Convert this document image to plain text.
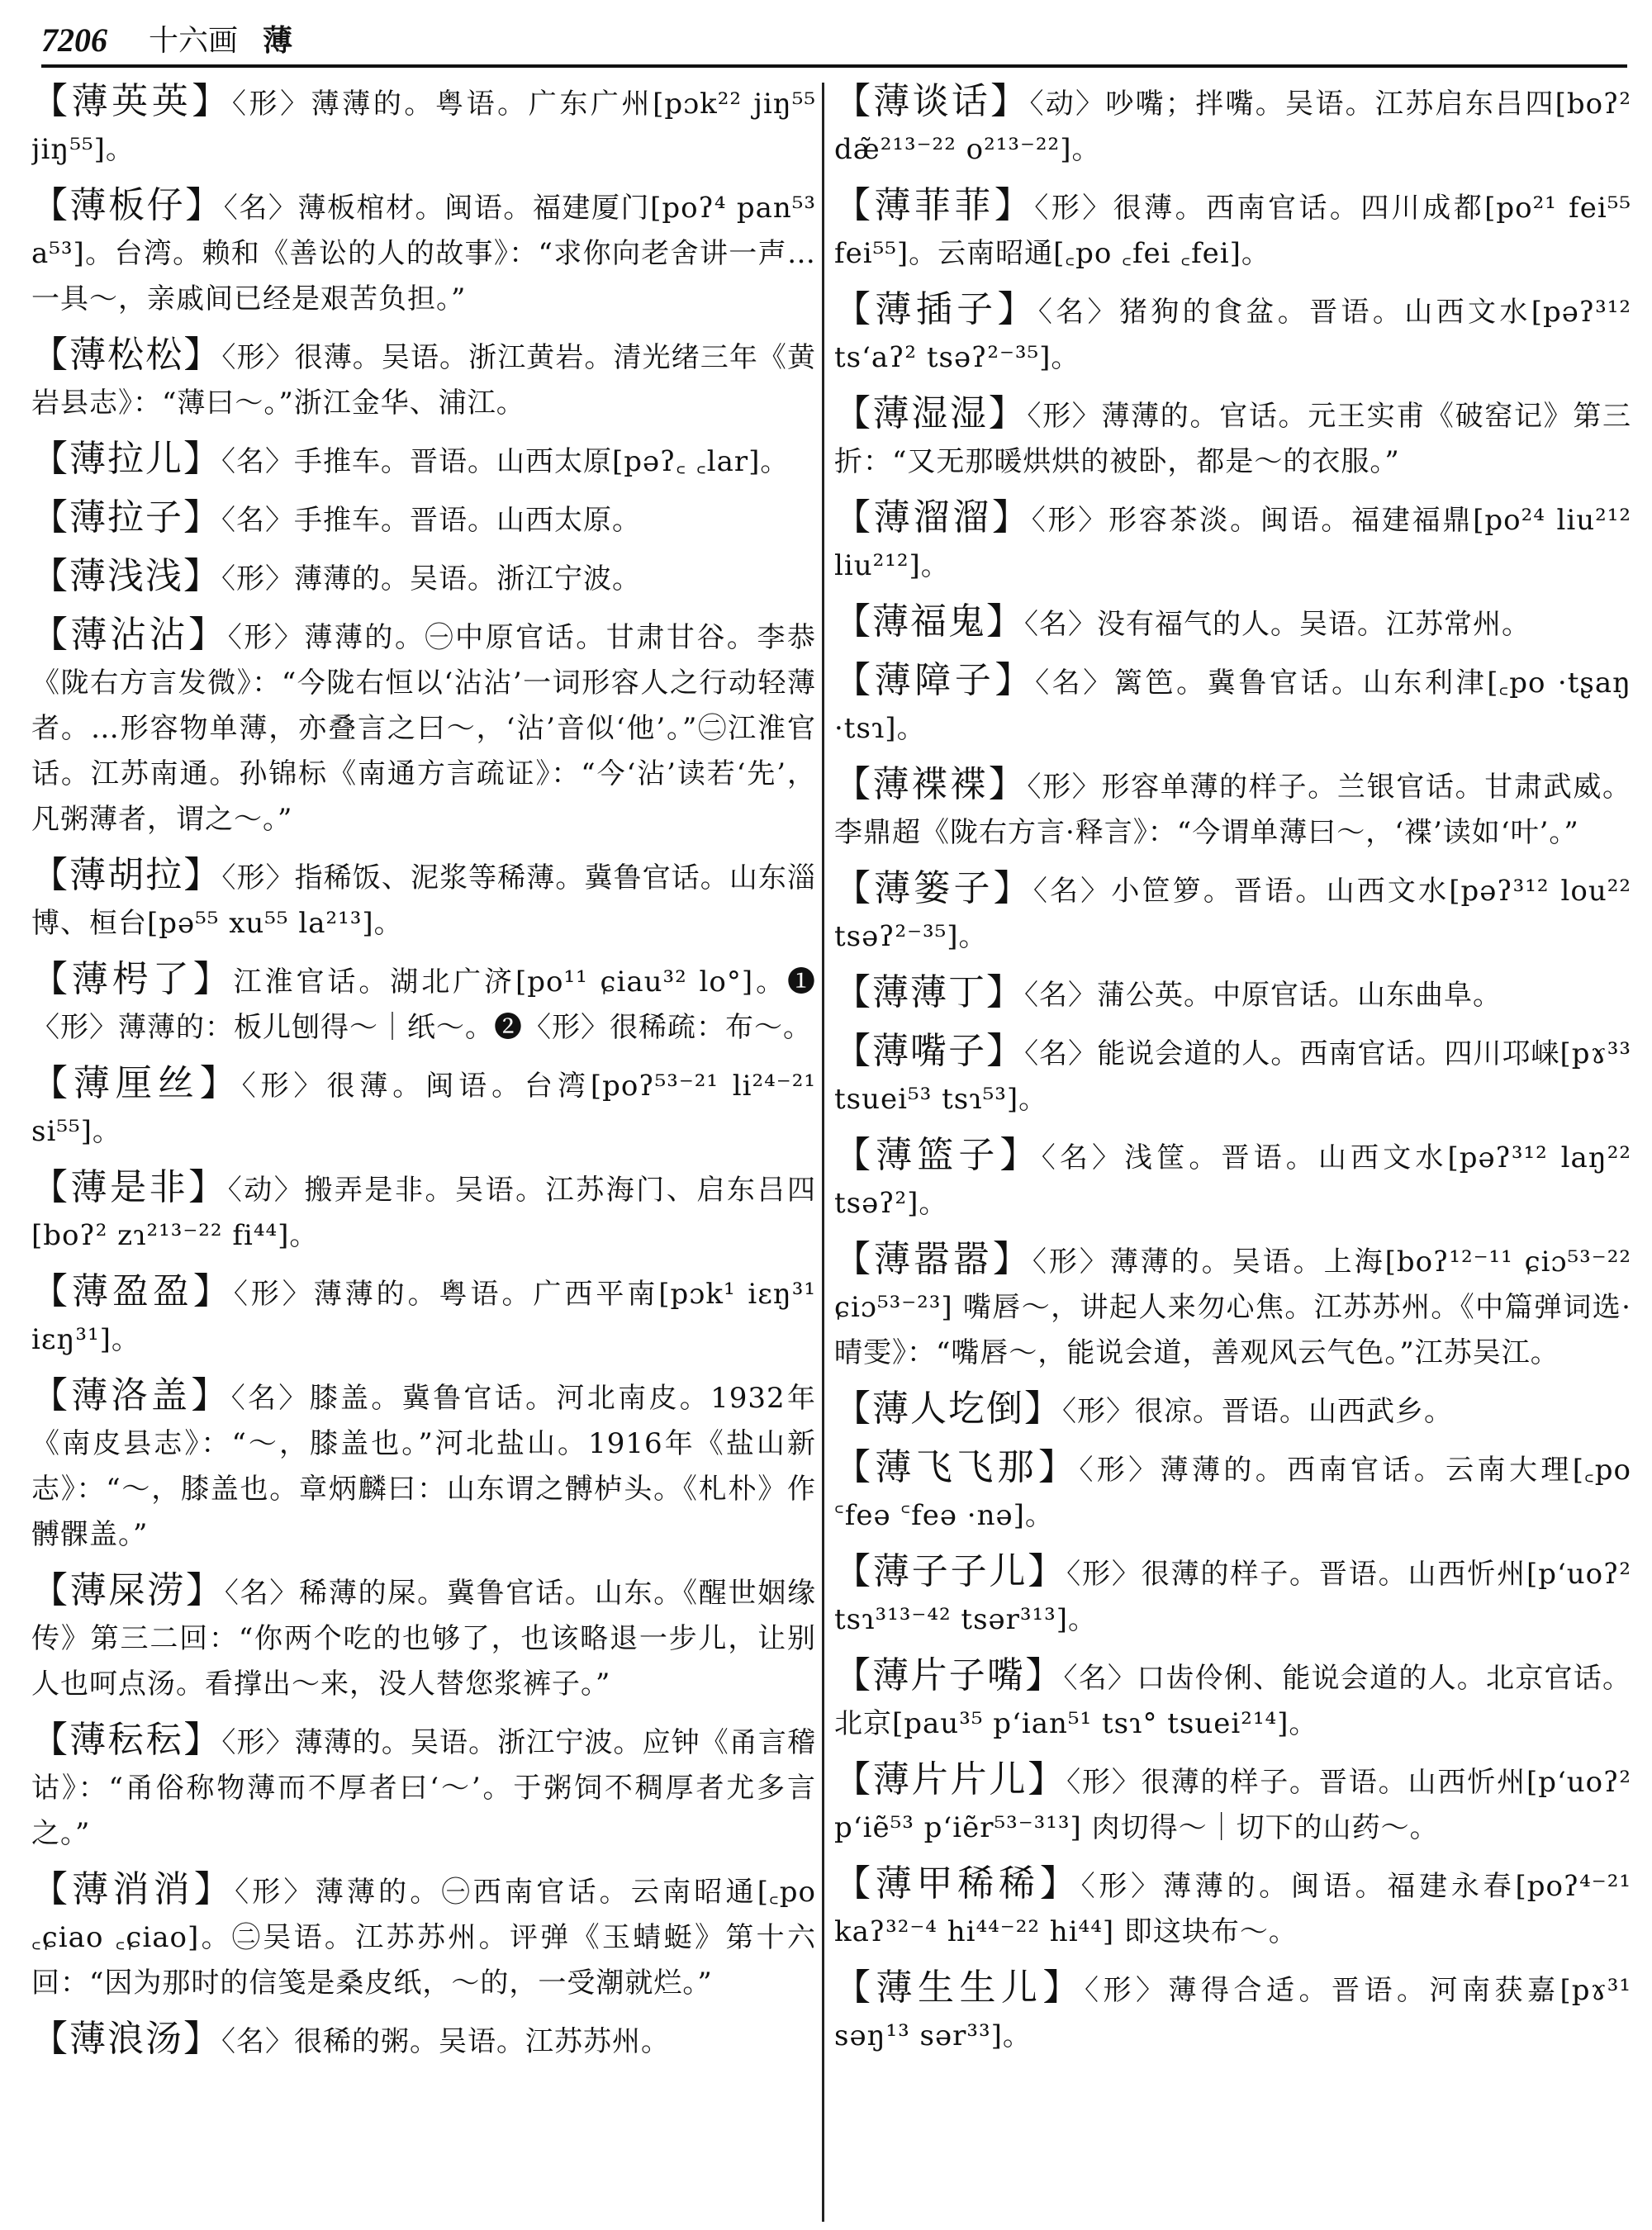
7206 十六画 薄
【薄英英】〈形〉薄薄的。粤语。广东广州[pɔk²² jiŋ⁵⁵ jiŋ⁵⁵]。
【薄板仔】〈名〉薄板棺材。闽语。福建厦门[poʔ⁴ pan⁵³ a⁵³]。台湾。赖和《善讼的人的故事》：“求你向老舍讲一声…一具～，亲戚间已经是艰苦负担。”
【薄松松】〈形〉很薄。吴语。浙江黄岩。清光绪三年《黄岩县志》：“薄曰～。”浙江金华、浦江。
【薄拉儿】〈名〉手推车。晋语。山西太原[pəʔ꜀ ꜀lar]。
【薄拉子】〈名〉手推车。晋语。山西太原。
【薄浅浅】〈形〉薄薄的。吴语。浙江宁波。
【薄沾沾】〈形〉薄薄的。㊀中原官话。甘肃甘谷。李恭《陇右方言发微》：“今陇右恒以‘沾沾’一词形容人之行动轻薄者。…形容物单薄，亦叠言之曰～，‘沾’音似‘他’。”㊁江淮官话。江苏南通。孙锦标《南通方言疏证》：“今‘沾’读若‘先’，凡粥薄者，谓之～。”
【薄胡拉】〈形〉指稀饭、泥浆等稀薄。冀鲁官话。山东淄博、桓台[pə⁵⁵ xu⁵⁵ la²¹³]。
【薄枵了】江淮官话。湖北广济[po¹¹ ɕiau³² lo°]。❶〈形〉薄薄的：板儿刨得～｜纸～。❷〈形〉很稀疏：布～。
【薄厘丝】〈形〉很薄。闽语。台湾[poʔ⁵³⁻²¹ li²⁴⁻²¹ si⁵⁵]。
【薄是非】〈动〉搬弄是非。吴语。江苏海门、启东吕四[boʔ² zɿ²¹³⁻²² fi⁴⁴]。
【薄盈盈】〈形〉薄薄的。粤语。广西平南[pɔk¹ iɛŋ³¹ iɛŋ³¹]。
【薄洛盖】〈名〉膝盖。冀鲁官话。河北南皮。1932年《南皮县志》：“～，膝盖也。”河北盐山。1916年《盐山新志》：“～，膝盖也。章炳麟曰：山东谓之髆栌头。《札朴》作髆髁盖。”
【薄屎涝】〈名〉稀薄的屎。冀鲁官话。山东。《醒世姻缘传》第三二回：“你两个吃的也够了，也该略退一步儿，让别人也呵点汤。看撑出～来，没人替您浆裤子。”
【薄秐秐】〈形〉薄薄的。吴语。浙江宁波。应钟《甬言稽诂》：“甬俗称物薄而不厚者曰‘～’。于粥饲不稠厚者尤多言之。”
【薄消消】〈形〉薄薄的。㊀西南官话。云南昭通[꜀po ꜀ɕiao ꜀ɕiao]。㊁吴语。江苏苏州。评弹《玉蜻蜓》第十六回：“因为那时的信笺是桑皮纸，～的，一受潮就烂。”
【薄浪汤】〈名〉很稀的粥。吴语。江苏苏州。
【薄谈话】〈动〉吵嘴；拌嘴。吴语。江苏启东吕四[boʔ² dæ̃²¹³⁻²² o²¹³⁻²²]。
【薄菲菲】〈形〉很薄。西南官话。四川成都[po²¹ fei⁵⁵ fei⁵⁵]。云南昭通[꜀po ꜀fei ꜀fei]。
【薄插子】〈名〉猪狗的食盆。晋语。山西文水[pəʔ³¹² tsʻaʔ² tsəʔ²⁻³⁵]。
【薄湿湿】〈形〉薄薄的。官话。元王实甫《破窑记》第三折：“又无那暖烘烘的被卧，都是～的衣服。”
【薄溜溜】〈形〉形容茶淡。闽语。福建福鼎[po²⁴ liu²¹² liu²¹²]。
【薄福鬼】〈名〉没有福气的人。吴语。江苏常州。
【薄障子】〈名〉篱笆。冀鲁官话。山东利津[꜀po ·tʂaŋ ·tsɿ]。
【薄褋褋】〈形〉形容单薄的样子。兰银官话。甘肃武威。李鼎超《陇右方言·释言》：“今谓单薄曰～，‘褋’读如‘叶’。”
【薄篓子】〈名〉小笸箩。晋语。山西文水[pəʔ³¹² lou²² tsəʔ²⁻³⁵]。
【薄薄丁】〈名〉蒲公英。中原官话。山东曲阜。
【薄嘴子】〈名〉能说会道的人。西南官话。四川邛崃[pɤ³³ tsuei⁵³ tsɿ⁵³]。
【薄篮子】〈名〉浅筐。晋语。山西文水[pəʔ³¹² laŋ²² tsəʔ²]。
【薄嚣嚣】〈形〉薄薄的。吴语。上海[boʔ¹²⁻¹¹ ɕiɔ⁵³⁻²² ɕiɔ⁵³⁻²³] 嘴唇～，讲起人来勿心焦。江苏苏州。《中篇弹词选·晴雯》：“嘴唇～，能说会道，善观风云气色。”江苏吴江。
【薄人圪倒】〈形〉很凉。晋语。山西武乡。
【薄飞飞那】〈形〉薄薄的。西南官话。云南大理[꜀po ꜂feə ꜂feə ·nə]。
【薄子子儿】〈形〉很薄的样子。晋语。山西忻州[pʻuoʔ² tsɿ³¹³⁻⁴² tsər³¹³]。
【薄片子嘴】〈名〉口齿伶俐、能说会道的人。北京官话。北京[pau³⁵ pʻian⁵¹ tsɿ° tsuei²¹⁴]。
【薄片片儿】〈形〉很薄的样子。晋语。山西忻州[pʻuoʔ² pʻiẽ⁵³ pʻiẽr⁵³⁻³¹³] 肉切得～｜切下的山药～。
【薄甲稀稀】〈形〉薄薄的。闽语。福建永春[poʔ⁴⁻²¹ kaʔ³²⁻⁴ hi⁴⁴⁻²² hi⁴⁴] 即这块布～。
【薄生生儿】〈形〉薄得合适。晋语。河南获嘉[pɤ³¹ səŋ¹³ sər³³]。
